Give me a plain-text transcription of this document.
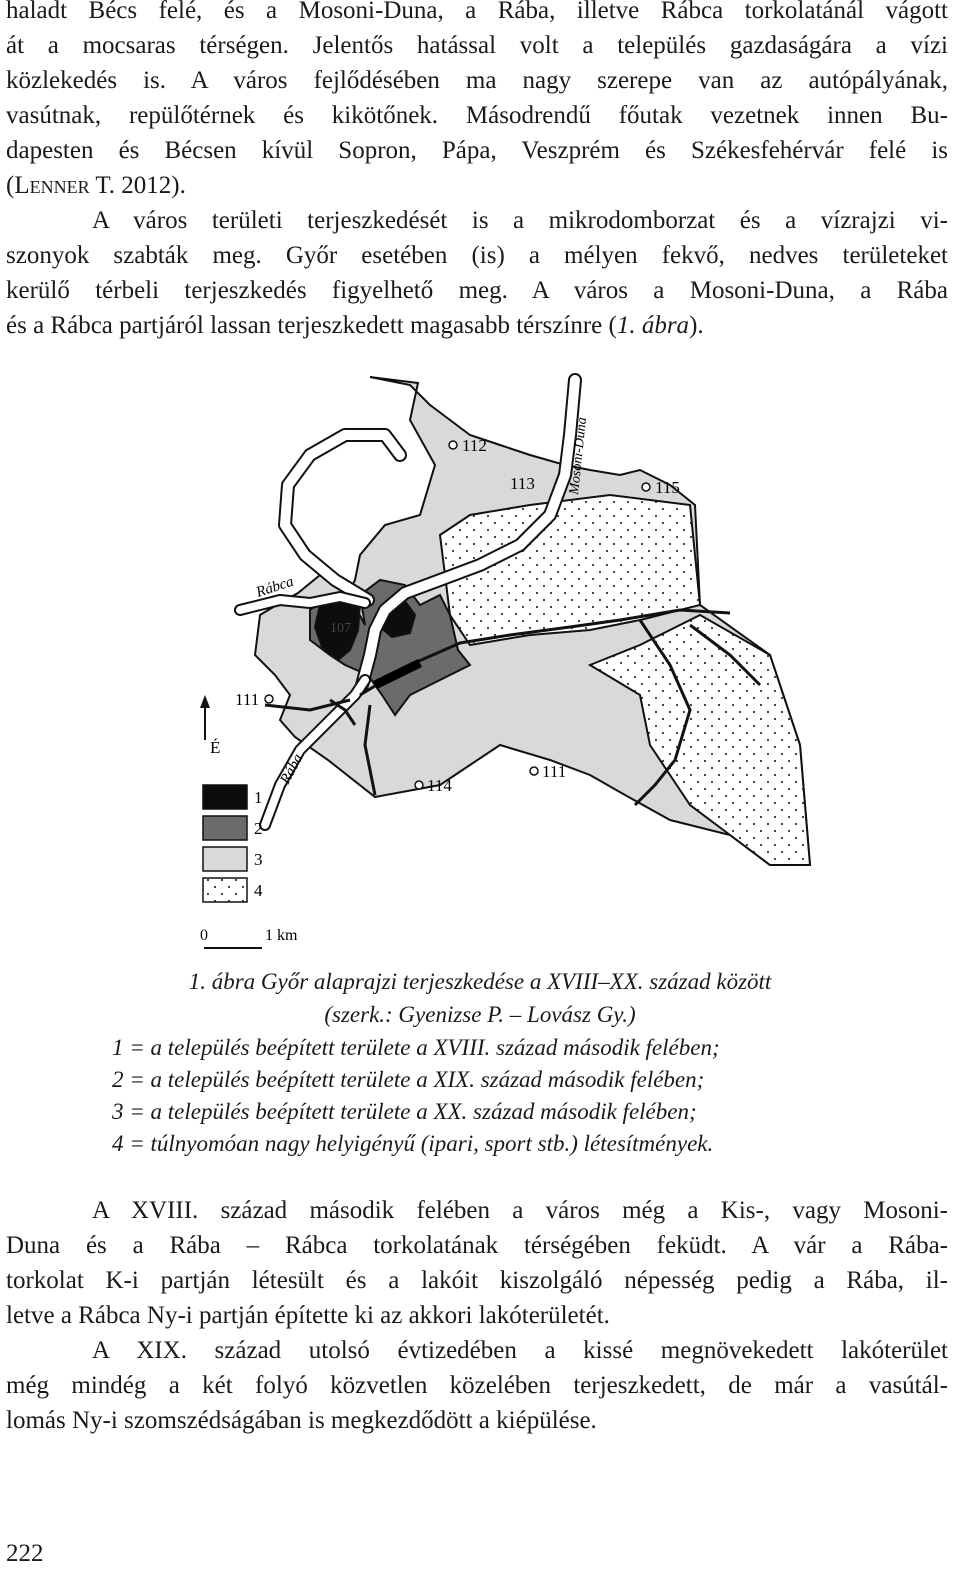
haladt Bécs felé, és a Mosoni-Duna, a Rába, illetve Rábca torkolatánál vágott
át a mocsaras térségen. Jelentős hatással volt a település gazdaságára a vízi
közlekedés is. A város fejlődésében ma nagy szerepe van az autópályának,
vasútnak, repülőtérnek és kikötőnek. Másodrendű főutak vezetnek innen Bu-
dapesten és Bécsen kívül Sopron, Pápa, Veszprém és Székesfehérvár felé is
(Lenner T. 2012).
A város területi terjeszkedését is a mikrodomborzat és a vízrajzi vi-
szonyok szabták meg. Győr esetében (is) a mélyen fekvő, nedves területeket
kerülő térbeli terjeszkedés figyelhető meg. A város a Mosoni-Duna, a Rába
és a Rábca partjáról lassan terjeszkedett magasabb térszínre (1. ábra).
112
113	115
107
111
114
111
Rábca
Rába
Mosoni-Duna
É
1
2
3
4
0	1 km
1. ábra Győr alaprajzi terjeszkedése a XVIII–XX. század között
(szerk.: Gyenizse P. – Lovász Gy.)
1 = a település beépített területe a XVIII. század második felében;
2 = a település beépített területe a XIX. század második felében;
3 = a település beépített területe a XX. század második felében;
4 = túlnyomóan nagy helyigényű (ipari, sport stb.) létesítmények.
A XVIII. század második felében a város még a Kis-, vagy Mosoni-
Duna és a Rába – Rábca torkolatának térségében feküdt. A vár a Rába-
torkolat K-i partján létesült és a lakóit kiszolgáló népesség pedig a Rába, il-
letve a Rábca Ny-i partján építette ki az akkori lakóterületét.
A XIX. század utolsó évtizedében a kissé megnövekedett lakóterület
még mindég a két folyó közvetlen közelében terjeszkedett, de már a vasútál-
lomás Ny-i szomszédságában is megkezdődött a kiépülése.
222
